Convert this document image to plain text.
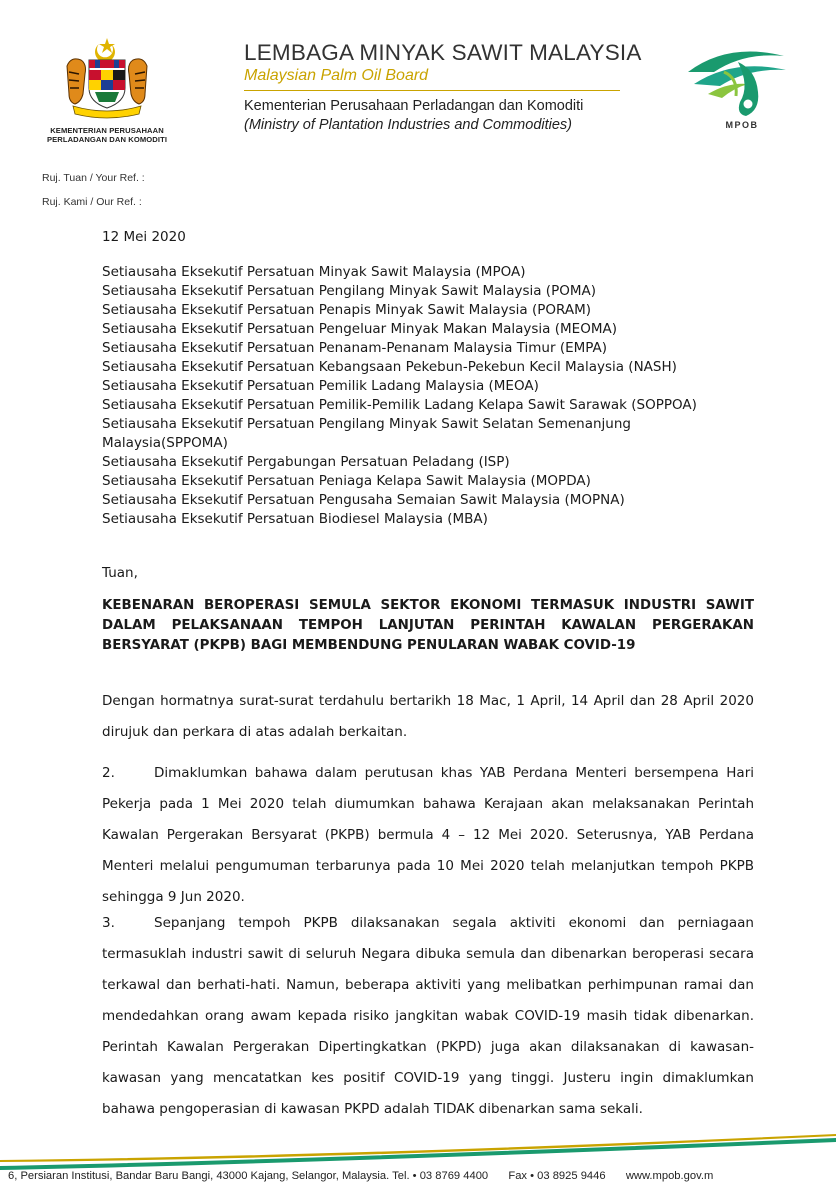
KEMENTERIAN PERUSAHAAN
PERLADANGAN DAN KOMODITI
LEMBAGA MINYAK SAWIT MALAYSIA
Malaysian Palm Oil Board
Kementerian Perusahaan Perladangan dan Komoditi
(Ministry of Plantation Industries and Commodities)	MPOB
Ruj. Tuan / Your Ref. :
Ruj. Kami / Our Ref. :
12 Mei 2020
Setiausaha Eksekutif Persatuan Minyak Sawit Malaysia (MPOA)
Setiausaha Eksekutif Persatuan Pengilang Minyak Sawit Malaysia (POMA)
Setiausaha Eksekutif Persatuan Penapis Minyak Sawit Malaysia (PORAM)
Setiausaha Eksekutif Persatuan Pengeluar Minyak Makan Malaysia (MEOMA)
Setiausaha Eksekutif Persatuan Penanam-Penanam Malaysia Timur (EMPA)
Setiausaha Eksekutif Persatuan Kebangsaan Pekebun-Pekebun Kecil Malaysia (NASH)
Setiausaha Eksekutif Persatuan Pemilik Ladang Malaysia (MEOA)
Setiausaha Eksekutif Persatuan Pemilik-Pemilik Ladang Kelapa Sawit Sarawak (SOPPOA)
Setiausaha Eksekutif Persatuan Pengilang Minyak Sawit Selatan Semenanjung
Malaysia(SPPOMA)
Setiausaha Eksekutif Pergabungan Persatuan Peladang (ISP)
Setiausaha Eksekutif Persatuan Peniaga Kelapa Sawit Malaysia (MOPDA)
Setiausaha Eksekutif Persatuan Pengusaha Semaian Sawit Malaysia (MOPNA)
Setiausaha Eksekutif Persatuan Biodiesel Malaysia (MBA)
Tuan,
KEBENARAN BEROPERASI SEMULA SEKTOR EKONOMI TERMASUK INDUSTRI SAWIT DALAM PELAKSANAAN TEMPOH LANJUTAN PERINTAH KAWALAN PERGERAKAN BERSYARAT (PKPB) BAGI MEMBENDUNG PENULARAN WABAK COVID-19
Dengan hormatnya surat-surat terdahulu bertarikh 18 Mac, 1 April, 14 April dan 28 April 2020 dirujuk dan perkara di atas adalah berkaitan.
2.	Dimaklumkan bahawa dalam perutusan khas YAB Perdana Menteri bersempena Hari Pekerja pada 1 Mei 2020 telah diumumkan bahawa Kerajaan akan melaksanakan Perintah Kawalan Pergerakan Bersyarat (PKPB) bermula 4 – 12 Mei 2020. Seterusnya, YAB Perdana Menteri melalui pengumuman terbarunya pada 10 Mei 2020 telah melanjutkan tempoh PKPB sehingga 9 Jun 2020.
3.	Sepanjang tempoh PKPB dilaksanakan segala aktiviti ekonomi dan perniagaan termasuklah industri sawit di seluruh Negara dibuka semula dan dibenarkan beroperasi secara terkawal dan berhati-hati. Namun, beberapa aktiviti yang melibatkan perhimpunan ramai dan mendedahkan orang awam kepada risiko jangkitan wabak COVID-19 masih tidak dibenarkan. Perintah Kawalan Pergerakan Dipertingkatkan (PKPD) juga akan dilaksanakan di kawasan-kawasan yang mencatatkan kes positif COVID-19 yang tinggi. Justeru ingin dimaklumkan bahawa pengoperasian di kawasan PKPD adalah TIDAK dibenarkan sama sekali.
6, Persiaran Institusi, Bandar Baru Bangi, 43000 Kajang, Selangor, Malaysia. Tel. • 03 8769 4400 Fax • 03 8925 9446 www.mpob.gov.m
